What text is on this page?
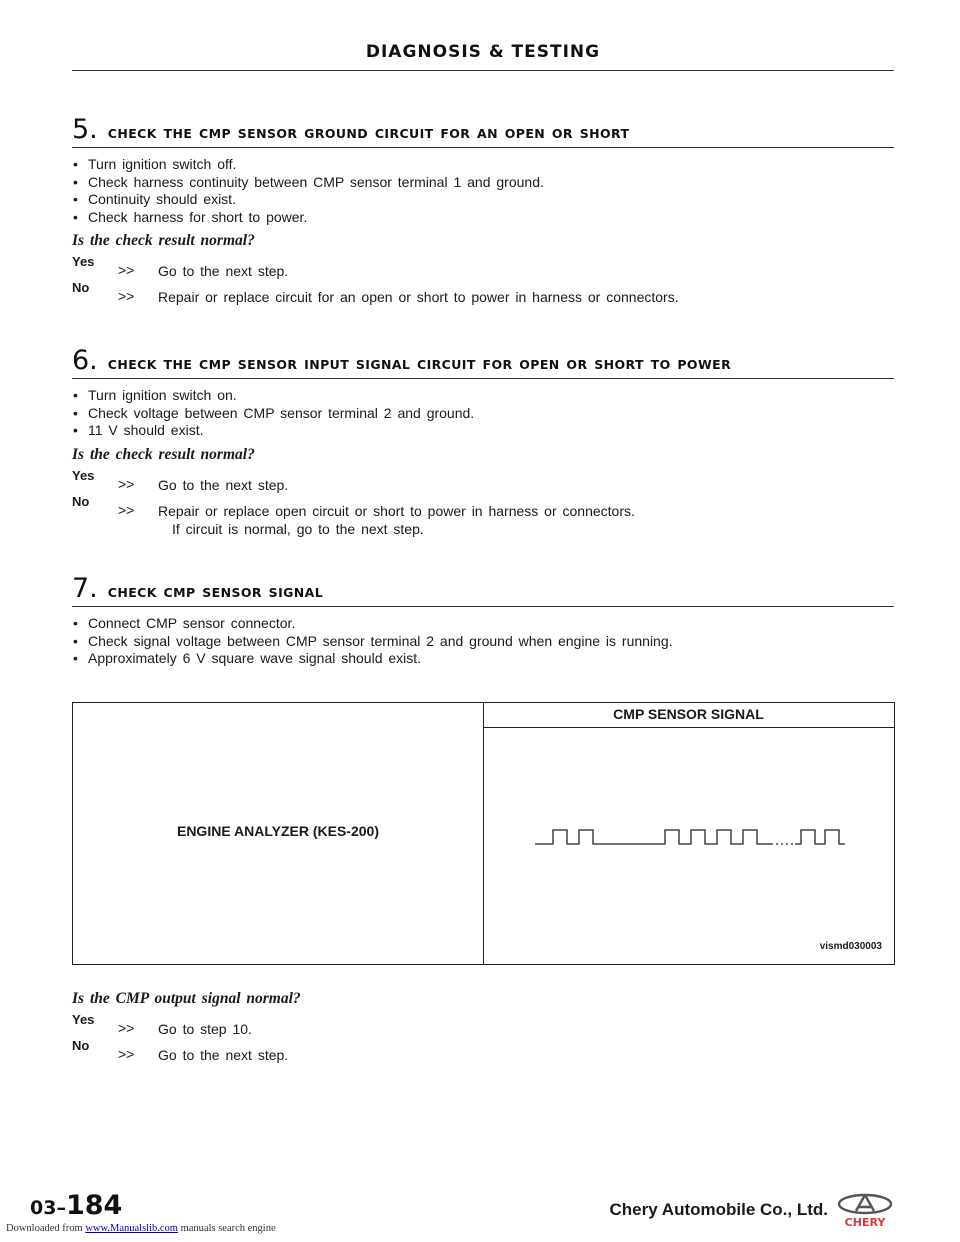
DIAGNOSIS & TESTING
5. CHECK THE CMP SENSOR GROUND CIRCUIT FOR AN OPEN OR SHORT
• Turn ignition switch off.
• Check harness continuity between CMP sensor terminal 1 and ground.
• Continuity should exist.
• Check harness for short to power.
Is the check result normal?
Yes
>> Go to the next step.
No
>> Repair or replace circuit for an open or short to power in harness or connectors.
6. CHECK THE CMP SENSOR INPUT SIGNAL CIRCUIT FOR OPEN OR SHORT TO POWER
• Turn ignition switch on.
• Check voltage between CMP sensor terminal 2 and ground.
• 11 V should exist.
Is the check result normal?
Yes
>> Go to the next step.
No
>> Repair or replace open circuit or short to power in harness or connectors.
If circuit is normal, go to the next step.
7. CHECK CMP SENSOR SIGNAL
• Connect CMP sensor connector.
• Check signal voltage between CMP sensor terminal 2 and ground when engine is running.
• Approximately 6 V square wave signal should exist.
CMP SENSOR SIGNAL
ENGINE ANALYZER (KES-200)
vismd030003
Is the CMP output signal normal?
Yes
>> Go to step 10.
No
>> Go to the next step.
03–184	Chery Automobile Co., Ltd.
CHERY
Downloaded from www.Manualslib.com manuals search engine
